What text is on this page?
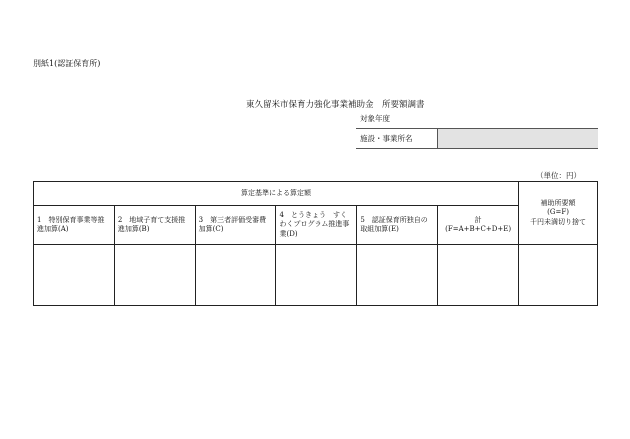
別紙1(認証保育所)
東久留米市保育力強化事業補助金　所要額調書
対象年度	
施設・事業所名	
（単位：円）
算定基準による算定額						補助所要額
(G=F)
千円未満切り捨て
1　特別保育事業等推進加算(A)	2　地域子育て支援推進加算(B)	3　第三者評価受審費加算(C)	4　とうきょう　すくわくプログラム推進事業(D)	5　認証保育所独自の取組加算(E)	計
(F=A+B+C+D+E)	
